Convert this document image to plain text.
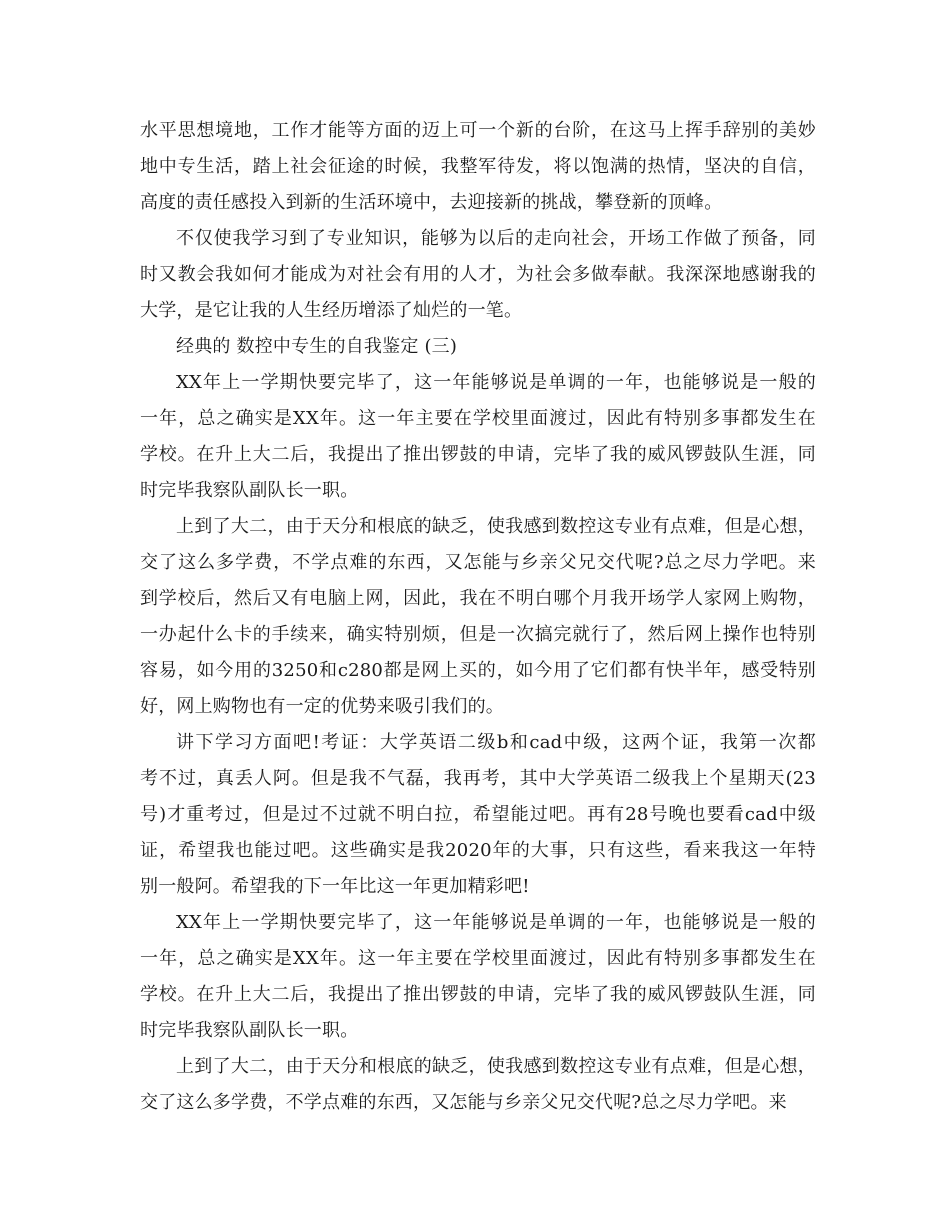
水平思想境地，工作才能等方面的迈上可一个新的台阶，在这马上挥手辞别的美妙
地中专生活，踏上社会征途的时候，我整军待发，将以饱满的热情，坚决的自信，
高度的责任感投入到新的生活环境中，去迎接新的挑战，攀登新的顶峰。
不仅使我学习到了专业知识，能够为以后的走向社会，开场工作做了预备，同
时又教会我如何才能成为对社会有用的人才，为社会多做奉献。我深深地感谢我的
大学，是它让我的人生经历增添了灿烂的一笔。
经典的 数控中专生的自我鉴定 (三)
XX年上一学期快要完毕了，这一年能够说是单调的一年，也能够说是一般的
一年，总之确实是XX年。这一年主要在学校里面渡过，因此有特别多事都发生在
学校。在升上大二后，我提出了推出锣鼓的申请，完毕了我的威风锣鼓队生涯，同
时完毕我察队副队长一职。
上到了大二，由于天分和根底的缺乏，使我感到数控这专业有点难，但是心想，
交了这么多学费，不学点难的东西，又怎能与乡亲父兄交代呢?总之尽力学吧。来
到学校后，然后又有电脑上网，因此，我在不明白哪个月我开场学人家网上购物，
一办起什么卡的手续来，确实特别烦，但是一次搞完就行了，然后网上操作也特别
容易，如今用的3250和c280都是网上买的，如今用了它们都有快半年，感受特别
好，网上购物也有一定的优势来吸引我们的。
讲下学习方面吧!考证：大学英语二级b和cad中级，这两个证，我第一次都
考不过，真丢人阿。但是我不气磊，我再考，其中大学英语二级我上个星期天(23
号)才重考过，但是过不过就不明白拉，希望能过吧。再有28号晚也要看cad中级
证，希望我也能过吧。这些确实是我2020年的大事，只有这些，看来我这一年特
别一般阿。希望我的下一年比这一年更加精彩吧!
XX年上一学期快要完毕了，这一年能够说是单调的一年，也能够说是一般的
一年，总之确实是XX年。这一年主要在学校里面渡过，因此有特别多事都发生在
学校。在升上大二后，我提出了推出锣鼓的申请，完毕了我的威风锣鼓队生涯，同
时完毕我察队副队长一职。
上到了大二，由于天分和根底的缺乏，使我感到数控这专业有点难，但是心想，
交了这么多学费，不学点难的东西，又怎能与乡亲父兄交代呢?总之尽力学吧。来
